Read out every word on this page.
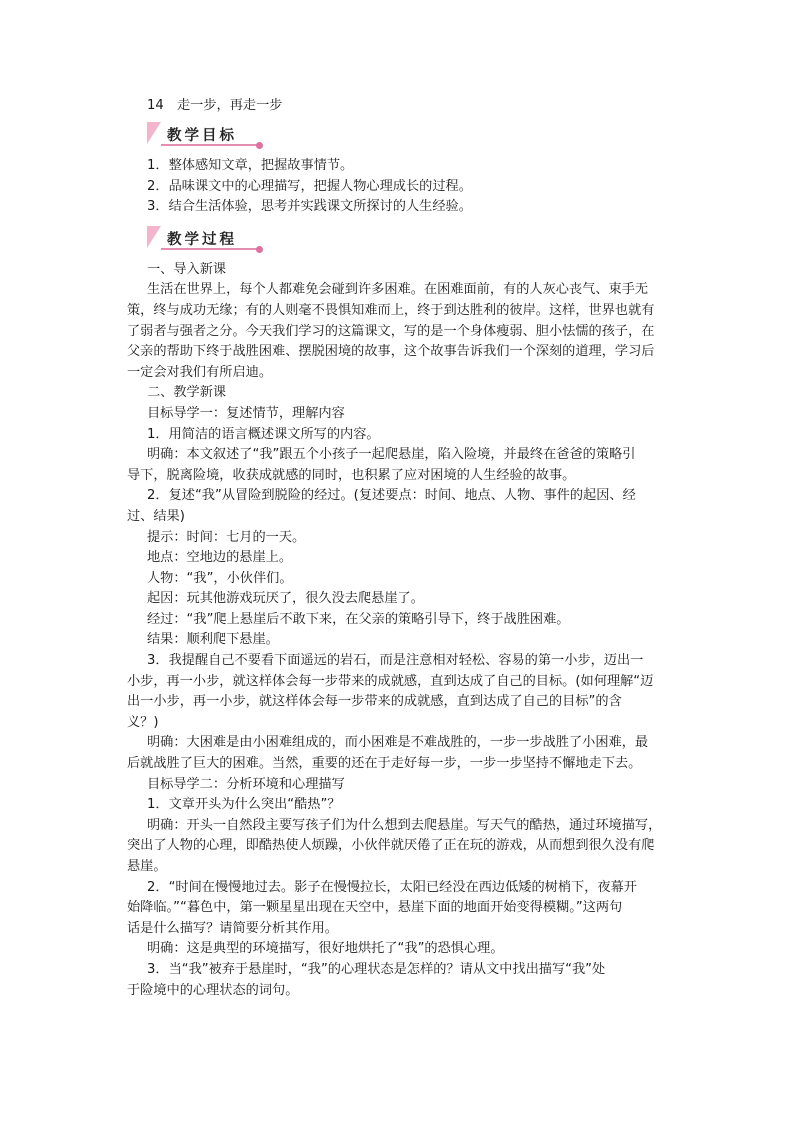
14　走一步，再走一步

教学目标

1．整体感知文章，把握故事情节。

2．品味课文中的心理描写，把握人物心理成长的过程。

3．结合生活体验，思考并实践课文所探讨的人生经验。

教学过程

一、导入新课

生活在世界上，每个人都难免会碰到许多困难。在困难面前，有的人灰心丧气、束手无

策，终与成功无缘；有的人则毫不畏惧知难而上，终于到达胜利的彼岸。这样，世界也就有

了弱者与强者之分。今天我们学习的这篇课文，写的是一个身体瘦弱、胆小怯懦的孩子，在

父亲的帮助下终于战胜困难、摆脱困境的故事，这个故事告诉我们一个深刻的道理，学习后

一定会对我们有所启迪。

二、教学新课

目标导学一：复述情节，理解内容

1．用简洁的语言概述课文所写的内容。

明确：本文叙述了“我”跟五个小孩子一起爬悬崖，陷入险境，并最终在爸爸的策略引

导下，脱离险境，收获成就感的同时，也积累了应对困境的人生经验的故事。

2．复述“我”从冒险到脱险的经过。(复述要点：时间、地点、人物、事件的起因、经

过、结果)

提示：时间：七月的一天。

地点：空地边的悬崖上。

人物：“我”，小伙伴们。

起因：玩其他游戏玩厌了，很久没去爬悬崖了。

经过：“我”爬上悬崖后不敢下来，在父亲的策略引导下，终于战胜困难。

结果：顺利爬下悬崖。

3．我提醒自己不要看下面遥远的岩石，而是注意相对轻松、容易的第一小步，迈出一

小步，再一小步，就这样体会每一步带来的成就感，直到达成了自己的目标。(如何理解“迈

出一小步，再一小步，就这样体会每一步带来的成就感，直到达成了自己的目标”的含

义？)

明确：大困难是由小困难组成的，而小困难是不难战胜的，一步一步战胜了小困难，最

后就战胜了巨大的困难。当然，重要的还在于走好每一步，一步一步坚持不懈地走下去。

目标导学二：分析环境和心理描写

1．文章开头为什么突出“酷热”？

明确：开头一自然段主要写孩子们为什么想到去爬悬崖。写天气的酷热，通过环境描写，

突出了人物的心理，即酷热使人烦躁，小伙伴就厌倦了正在玩的游戏，从而想到很久没有爬

悬崖。

2．“时间在慢慢地过去。影子在慢慢拉长，太阳已经没在西边低矮的树梢下，夜幕开

始降临。”“暮色中，第一颗星星出现在天空中，悬崖下面的地面开始变得模糊。”这两句

话是什么描写？请简要分析其作用。

明确：这是典型的环境描写，很好地烘托了“我”的恐惧心理。

3．当“我”被弃于悬崖时，“我”的心理状态是怎样的？请从文中找出描写“我”处

于险境中的心理状态的词句。
